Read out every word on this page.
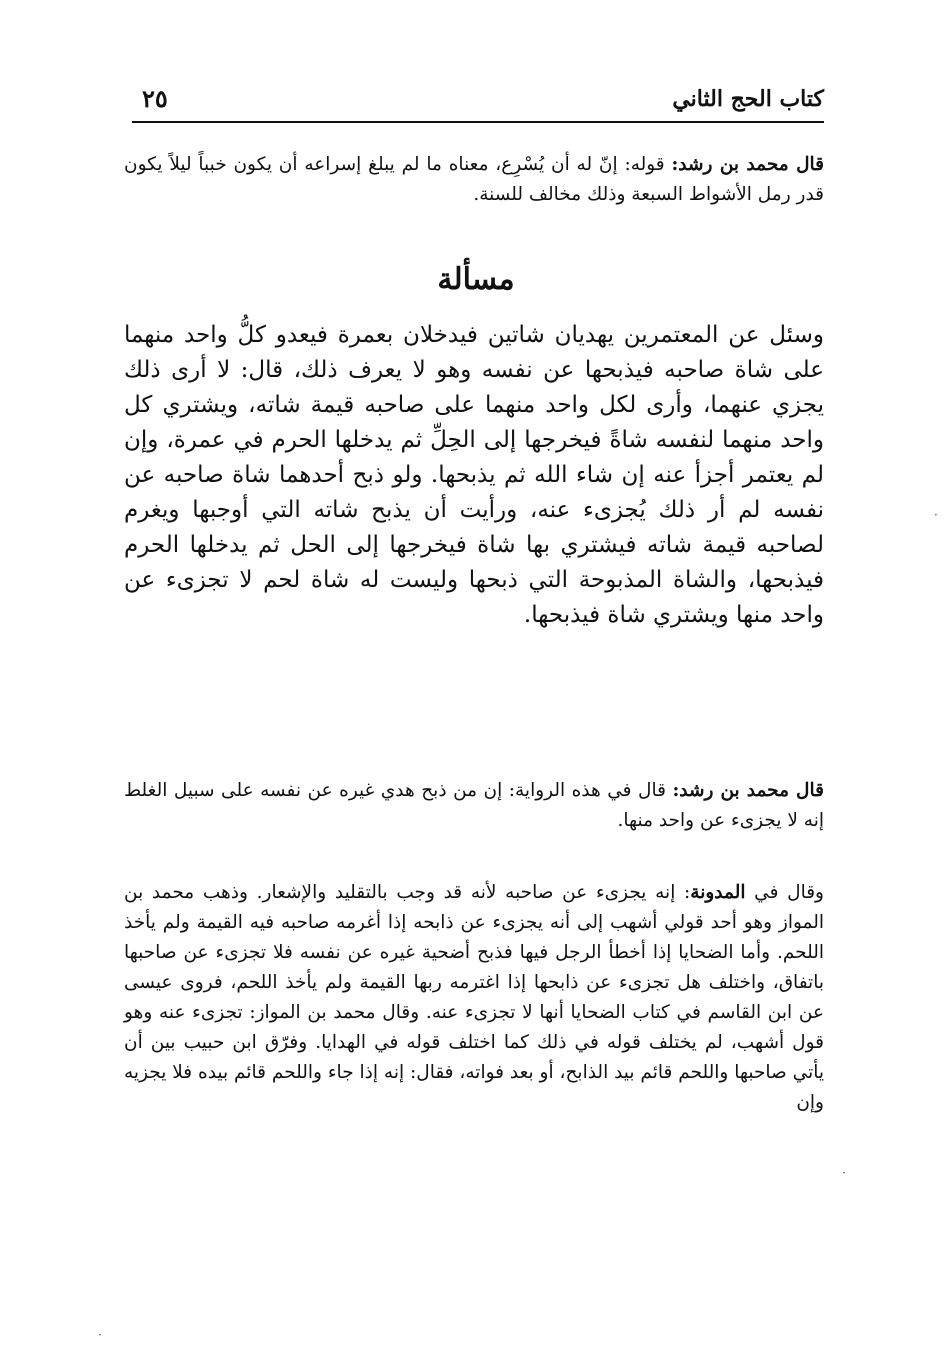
كتاب الحج الثاني
٢٥

قال محمد بن رشد: قوله: إنّ له أن يُسْرِع، معناه ما لم يبلغ إسراعه أن يكون خبباً ليلاً يكون قدر رمل الأشواط السبعة وذلك مخالف للسنة.

مسألة

وسئل عن المعتمرين يهديان شاتين فيدخلان بعمرة فيعدو كلُّ واحد منهما على شاة صاحبه فيذبحها عن نفسه وهو لا يعرف ذلك، قال: لا أرى ذلك يجزي عنهما، وأرى لكل واحد منهما على صاحبه قيمة شاته، ويشتري كل واحد منهما لنفسه شاةً فيخرجها إلى الحِلِّ ثم يدخلها الحرم في عمرة، وإن لم يعتمر أجزأ عنه إن شاء الله ثم يذبحها. ولو ذبح أحدهما شاة صاحبه عن نفسه لم أر ذلك يُجزىء عنه، ورأيت أن يذبح شاته التي أوجبها ويغرم لصاحبه قيمة شاته فيشتري بها شاة فيخرجها إلى الحل ثم يدخلها الحرم فيذبحها، والشاة المذبوحة التي ذبحها وليست له شاة لحم لا تجزىء عن واحد منها ويشتري شاة فيذبحها.

قال محمد بن رشد: قال في هذه الرواية: إن من ذبح هدي غيره عن نفسه على سبيل الغلط إنه لا يجزىء عن واحد منها.

وقال في المدونة: إنه يجزىء عن صاحبه لأنه قد وجب بالتقليد والإشعار. وذهب محمد بن المواز وهو أحد قولي أشهب إلى أنه يجزىء عن ذابحه إذا أغرمه صاحبه فيه القيمة ولم يأخذ اللحم. وأما الضحايا إذا أخطأ الرجل فيها فذبح أضحية غيره عن نفسه فلا تجزىء عن صاحبها باتفاق، واختلف هل تجزىء عن ذابحها إذا اغترمه ربها القيمة ولم يأخذ اللحم، فروى عيسى عن ابن القاسم في كتاب الضحايا أنها لا تجزىء عنه. وقال محمد بن المواز: تجزىء عنه وهو قول أشهب، لم يختلف قوله في ذلك كما اختلف قوله في الهدايا. وفرّق ابن حبيب بين أن يأتي صاحبها واللحم قائم بيد الذابح، أو بعد فواته، فقال: إنه إذا جاء واللحم قائم بيده فلا يجزيه وإن

·
·
·
